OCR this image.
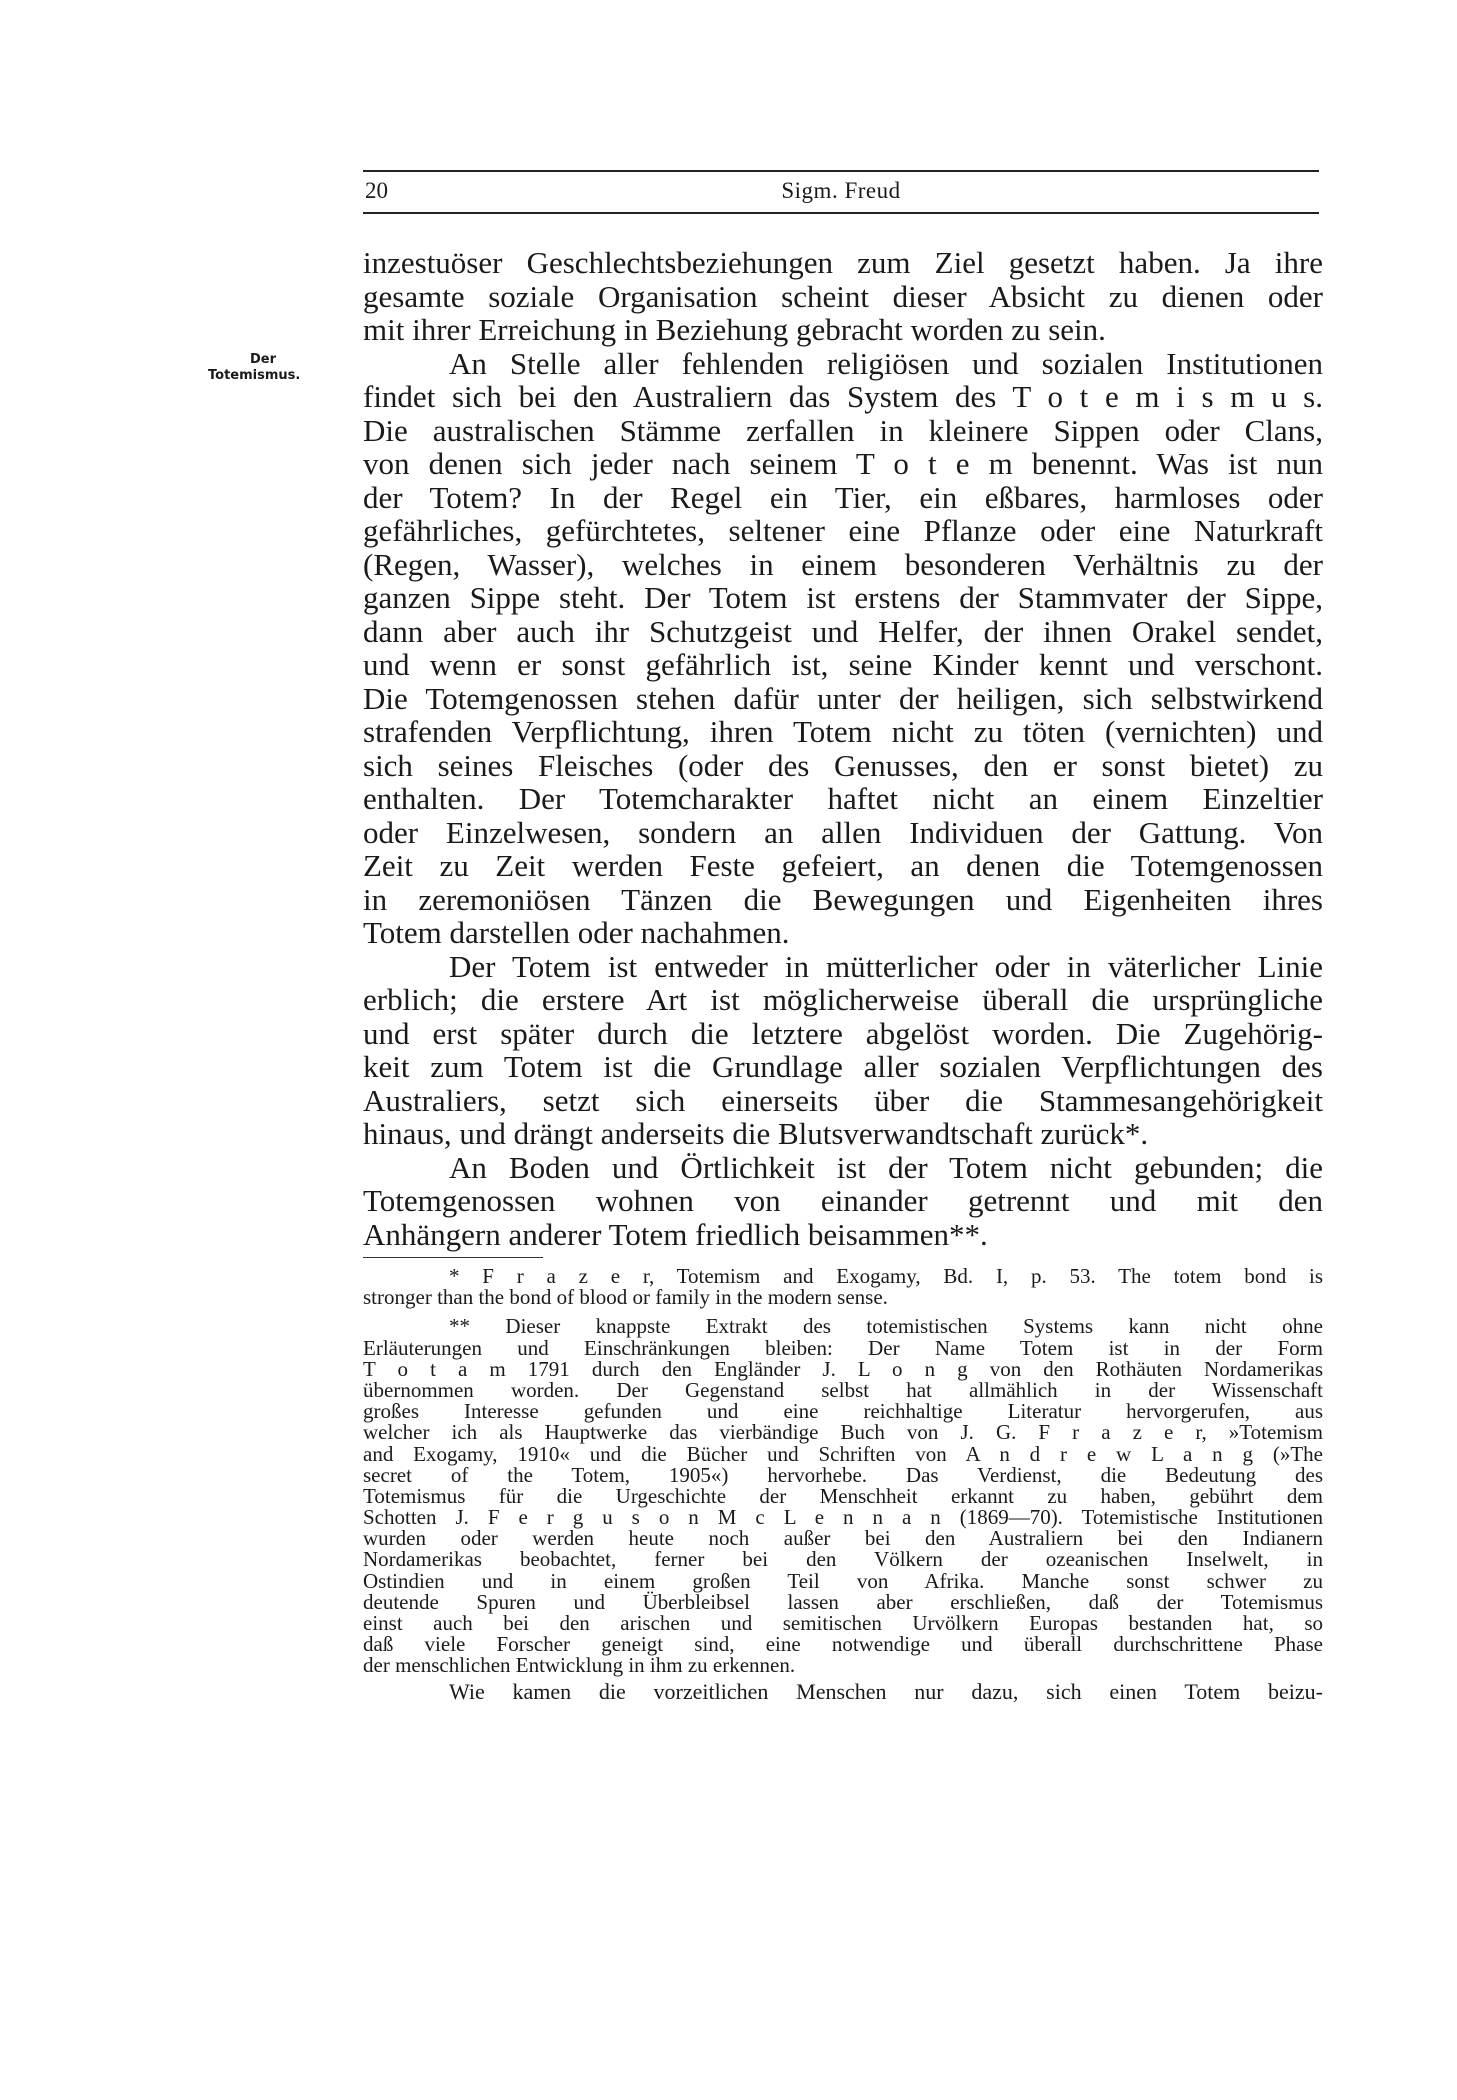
20	Sigm. Freud
Der
Totemismus.
inzestuöser Geschlechtsbeziehungen zum Ziel gesetzt haben. Ja ihre
gesamte soziale Organisation scheint dieser Absicht zu dienen oder
mit ihrer Erreichung in Beziehung gebracht worden zu sein.
An Stelle aller fehlenden religiösen und sozialen Institutionen
findet sich bei den Australiern das System des T o t e m i s m u s.
Die australischen Stämme zerfallen in kleinere Sippen oder Clans,
von denen sich jeder nach seinem T o t e m benennt. Was ist nun
der Totem? In der Regel ein Tier, ein eßbares, harmloses oder
gefährliches, gefürchtetes, seltener eine Pflanze oder eine Naturkraft
(Regen, Wasser), welches in einem besonderen Verhältnis zu der
ganzen Sippe steht. Der Totem ist erstens der Stammvater der Sippe,
dann aber auch ihr Schutzgeist und Helfer, der ihnen Orakel sendet,
und wenn er sonst gefährlich ist, seine Kinder kennt und verschont.
Die Totemgenossen stehen dafür unter der heiligen, sich selbstwirkend
strafenden Verpflichtung, ihren Totem nicht zu töten (vernichten) und
sich seines Fleisches (oder des Genusses, den er sonst bietet) zu
enthalten. Der Totemcharakter haftet nicht an einem Einzeltier
oder Einzelwesen, sondern an allen Individuen der Gattung. Von
Zeit zu Zeit werden Feste gefeiert, an denen die Totemgenossen
in zeremoniösen Tänzen die Bewegungen und Eigenheiten ihres
Totem darstellen oder nachahmen.
Der Totem ist entweder in mütterlicher oder in väterlicher Linie
erblich; die erstere Art ist möglicherweise überall die ursprüngliche
und erst später durch die letztere abgelöst worden. Die Zugehörig-
keit zum Totem ist die Grundlage aller sozialen Verpflichtungen des
Australiers, setzt sich einerseits über die Stammesangehörigkeit
hinaus, und drängt anderseits die Blutsverwandtschaft zurück*.
An Boden und Örtlichkeit ist der Totem nicht gebunden; die
Totemgenossen wohnen von einander getrennt und mit den
Anhängern anderer Totem friedlich beisammen**.
* F r a z e r, Totemism and Exogamy, Bd. I, p. 53. The totem bond is
stronger than the bond of blood or family in the modern sense.
** Dieser knappste Extrakt des totemistischen Systems kann nicht ohne
Erläuterungen und Einschränkungen bleiben: Der Name Totem ist in der Form
T o t a m 1791 durch den Engländer J. L o n g von den Rothäuten Nordamerikas
übernommen worden. Der Gegenstand selbst hat allmählich in der Wissenschaft
großes Interesse gefunden und eine reichhaltige Literatur hervorgerufen, aus
welcher ich als Hauptwerke das vierbändige Buch von J. G. F r a z e r, »Totemism
and Exogamy, 1910« und die Bücher und Schriften von A n d r e w L a n g (»The
secret of the Totem, 1905«) hervorhebe. Das Verdienst, die Bedeutung des
Totemismus für die Urgeschichte der Menschheit erkannt zu haben, gebührt dem
Schotten J. F e r g u s o n M c L e n n a n (1869—70). Totemistische Institutionen
wurden oder werden heute noch außer bei den Australiern bei den Indianern
Nordamerikas beobachtet, ferner bei den Völkern der ozeanischen Inselwelt, in
Ostindien und in einem großen Teil von Afrika. Manche sonst schwer zu
deutende Spuren und Überbleibsel lassen aber erschließen, daß der Totemismus
einst auch bei den arischen und semitischen Urvölkern Europas bestanden hat, so
daß viele Forscher geneigt sind, eine notwendige und überall durchschrittene Phase
der menschlichen Entwicklung in ihm zu erkennen.
Wie kamen die vorzeitlichen Menschen nur dazu, sich einen Totem beizu-
